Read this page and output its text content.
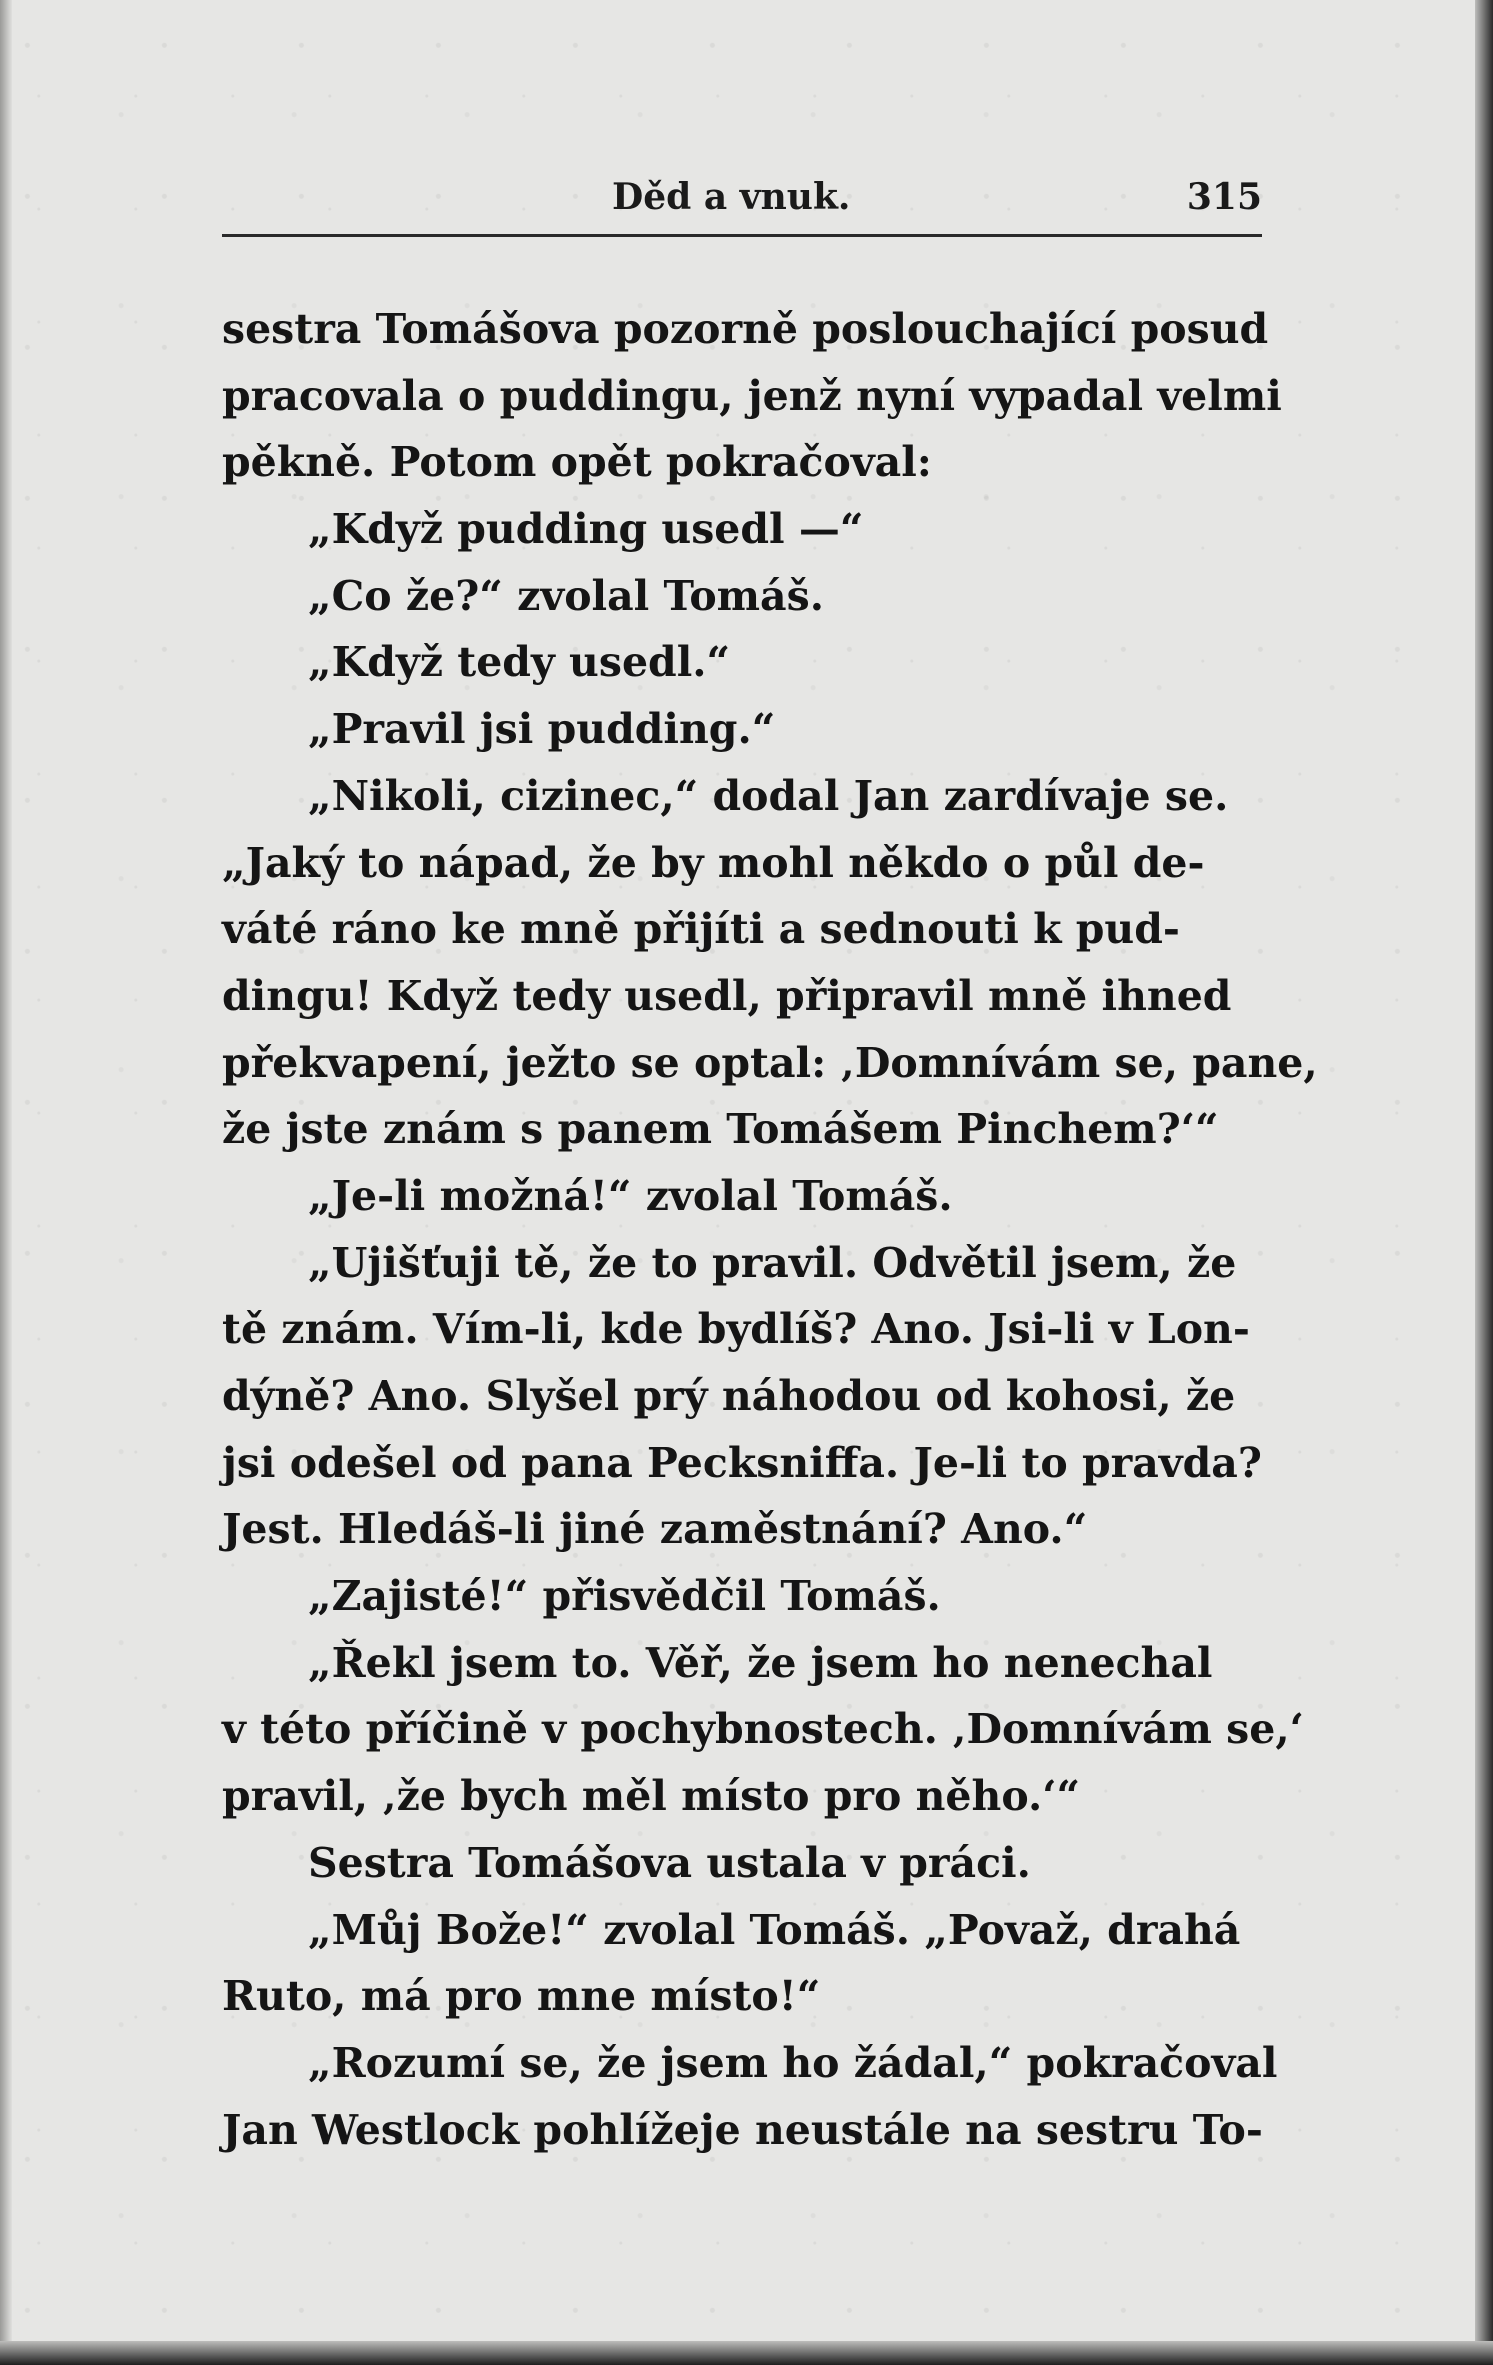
Děd a vnuk.	315
sestra Tomášova pozorně poslouchající posud
pracovala o puddingu, jenž nyní vypadal velmi
pěkně. Potom opět pokračoval:
„Když pudding usedl —“
„Co že?“ zvolal Tomáš.
„Když tedy usedl.“
„Pravil jsi pudding.“
„Nikoli, cizinec,“ dodal Jan zardívaje se.
„Jaký to nápad, že by mohl někdo o půl de-
váté ráno ke mně přijíti a sednouti k pud-
dingu! Když tedy usedl, připravil mně ihned
překvapení, ježto se optal: ‚Domnívám se, pane,
že jste znám s panem Tomášem Pinchem?‘“
„Je-li možná!“ zvolal Tomáš.
„Ujišťuji tě, že to pravil. Odvětil jsem, že
tě znám. Vím-li, kde bydlíš? Ano. Jsi-li v Lon-
dýně? Ano. Slyšel prý náhodou od kohosi, že
jsi odešel od pana Pecksniffa. Je-li to pravda?
Jest. Hledáš-li jiné zaměstnání? Ano.“
„Zajisté!“ přisvědčil Tomáš.
„Řekl jsem to. Věř, že jsem ho nenechal
v této příčině v pochybnostech. ‚Domnívám se,‘
pravil, ‚že bych měl místo pro něho.‘“
Sestra Tomášova ustala v práci.
„Můj Bože!“ zvolal Tomáš. „Považ, drahá
Ruto, má pro mne místo!“
„Rozumí se, že jsem ho žádal,“ pokračoval
Jan Westlock pohlížeje neustále na sestru To-
